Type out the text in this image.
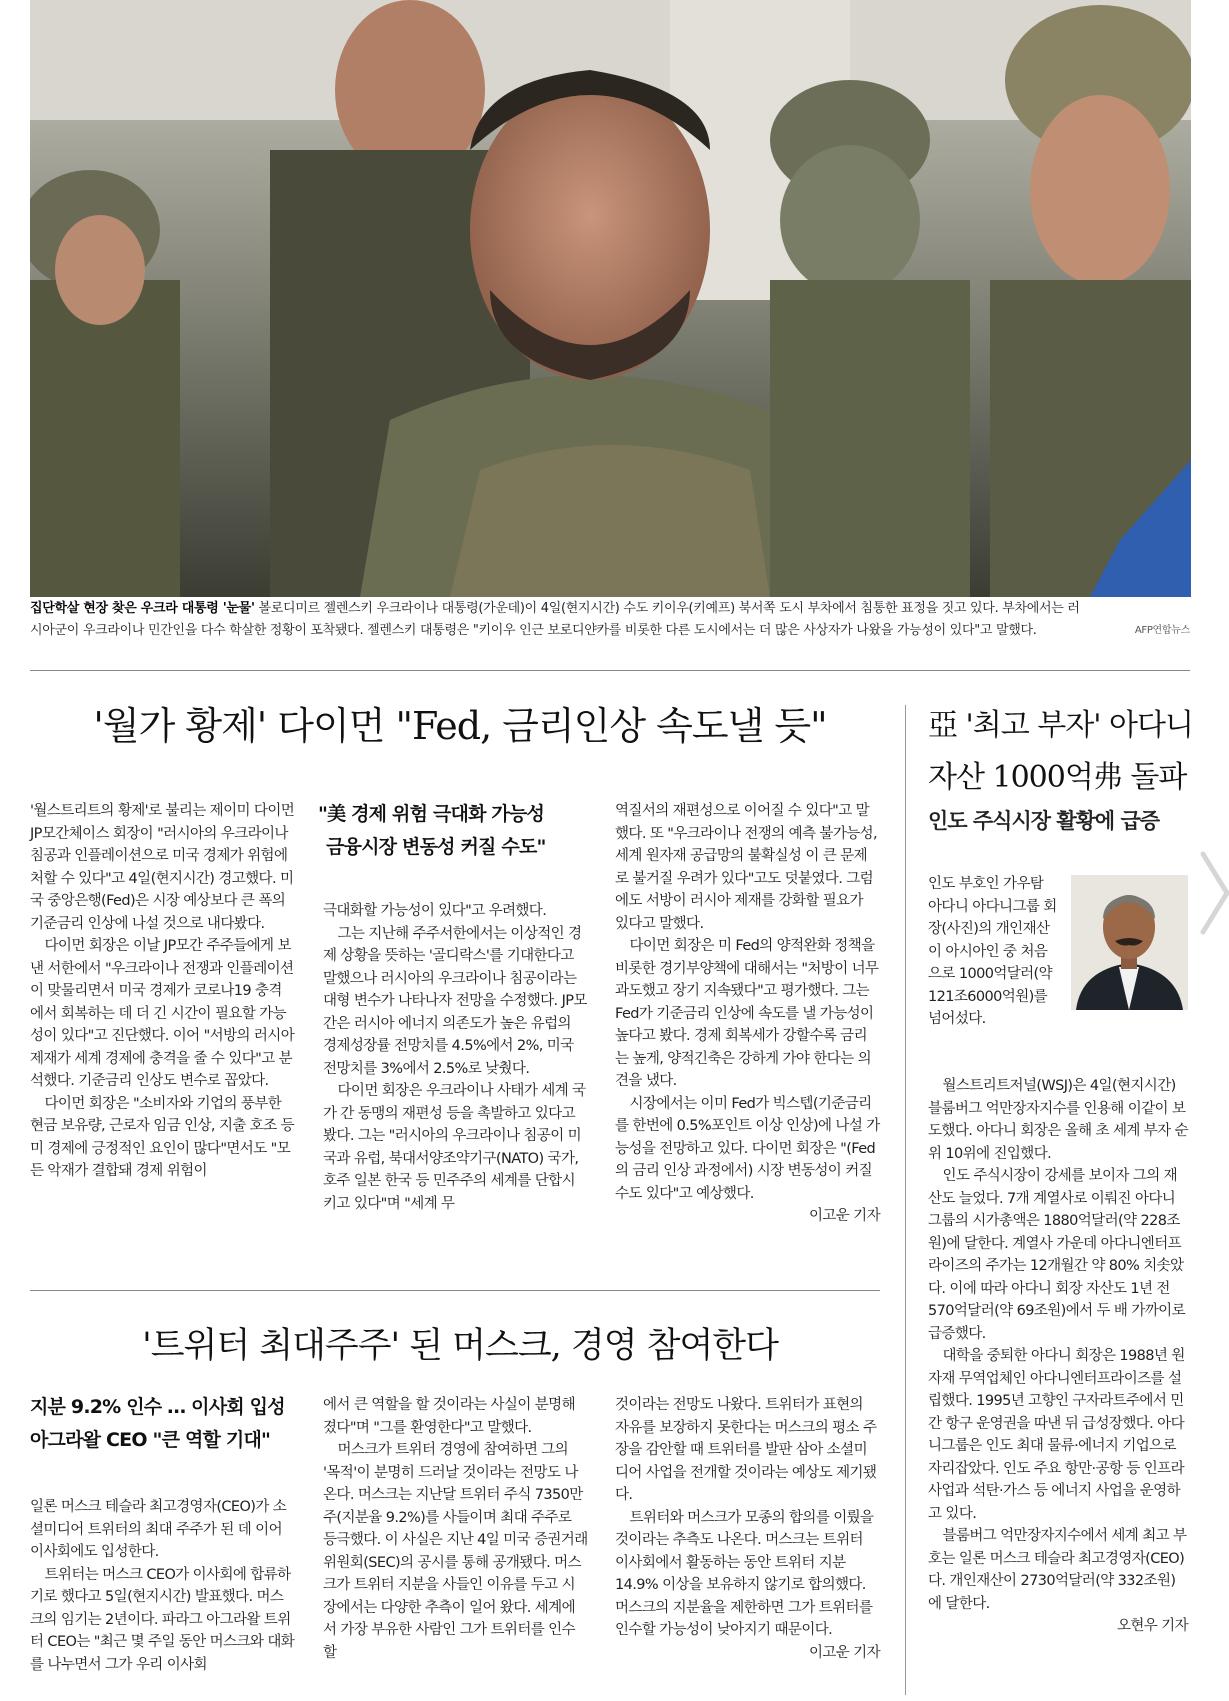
집단학살 현장 찾은 우크라 대통령 '눈물' 볼로디미르 젤렌스키 우크라이나 대통령(가운데)이 4일(현지시간) 수도 키이우(키예프) 북서쪽 도시 부차에서 침통한 표정을 짓고 있다. 부차에서는 러
시아군이 우크라이나 민간인을 다수 학살한 정황이 포착됐다. 젤렌스키 대통령은 "키이우 인근 보로디얀카를 비롯한 다른 도시에서는 더 많은 사상자가 나왔을 가능성이 있다"고 말했다.	AFP연합뉴스
'월가 황제' 다이먼 "Fed, 금리인상 속도낼 듯"

'월스트리트의 황제'로 불리는 제이미 다이먼 JP모간체이스 회장이 "러시아의 우크라이나 침공과 인플레이션으로 미국 경제가 위험에 처할 수 있다"고 4일(현지시간) 경고했다. 미국 중앙은행(Fed)은 시장 예상보다 큰 폭의 기준금리 인상에 나설 것으로 내다봤다.

다이먼 회장은 이날 JP모간 주주들에게 보낸 서한에서 "우크라이나 전쟁과 인플레이션이 맞물리면서 미국 경제가 코로나19 충격에서 회복하는 데 더 긴 시간이 필요할 가능성이 있다"고 진단했다. 이어 "서방의 러시아 제재가 세계 경제에 충격을 줄 수 있다"고 분석했다. 기준금리 인상도 변수로 꼽았다.

다이먼 회장은 "소비자와 기업의 풍부한 현금 보유량, 근로자 임금 인상, 지출 호조 등 미 경제에 긍정적인 요인이 많다"면서도 "모든 악재가 결합돼 경제 위험이

"美 경제 위험 극대화 가능성
금융시장 변동성 커질 수도"

극대화할 가능성이 있다"고 우려했다.

그는 지난해 주주서한에서는 이상적인 경제 상황을 뜻하는 '골디락스'를 기대한다고 말했으나 러시아의 우크라이나 침공이라는 대형 변수가 나타나자 전망을 수정했다. JP모간은 러시아 에너지 의존도가 높은 유럽의 경제성장률 전망치를 4.5%에서 2%, 미국 전망치를 3%에서 2.5%로 낮췄다.

다이먼 회장은 우크라이나 사태가 세계 국가 간 동맹의 재편성 등을 촉발하고 있다고 봤다. 그는 "러시아의 우크라이나 침공이 미국과 유럽, 북대서양조약기구(NATO) 국가, 호주 일본 한국 등 민주주의 세계를 단합시키고 있다"며 "세계 무

역질서의 재편성으로 이어질 수 있다"고 말했다. 또 "우크라이나 전쟁의 예측 불가능성, 세계 원자재 공급망의 불확실성 이 큰 문제로 불거질 우려가 있다"고도 덧붙였다. 그럼에도 서방이 러시아 제재를 강화할 필요가 있다고 말했다.

다이먼 회장은 미 Fed의 양적완화 정책을 비롯한 경기부양책에 대해서는 "처방이 너무 과도했고 장기 지속됐다"고 평가했다. 그는 Fed가 기준금리 인상에 속도를 낼 가능성이 높다고 봤다. 경제 회복세가 강할수록 금리는 높게, 양적긴축은 강하게 가야 한다는 의견을 냈다.

시장에서는 이미 Fed가 빅스텝(기준금리를 한번에 0.5%포인트 이상 인상)에 나설 가능성을 전망하고 있다. 다이먼 회장은 "(Fed의 금리 인상 과정에서) 시장 변동성이 커질 수도 있다"고 예상했다.

이고운 기자
'트위터 최대주주' 된 머스크, 경영 참여한다
지분 9.2% 인수 … 이사회 입성
아그라왈 CEO "큰 역할 기대"

일론 머스크 테슬라 최고경영자(CEO)가 소셜미디어 트위터의 최대 주주가 된 데 이어 이사회에도 입성한다.

트위터는 머스크 CEO가 이사회에 합류하기로 했다고 5일(현지시간) 발표했다. 머스크의 임기는 2년이다. 파라그 아그라왈 트위터 CEO는 "최근 몇 주일 동안 머스크와 대화를 나누면서 그가 우리 이사회

에서 큰 역할을 할 것이라는 사실이 분명해졌다"며 "그를 환영한다"고 말했다.

머스크가 트위터 경영에 참여하면 그의 '목적'이 분명히 드러날 것이라는 전망도 나온다. 머스크는 지난달 트위터 주식 7350만 주(지분율 9.2%)를 사들이며 최대 주주로 등극했다. 이 사실은 지난 4일 미국 증권거래위원회(SEC)의 공시를 통해 공개됐다. 머스크가 트위터 지분을 사들인 이유를 두고 시장에서는 다양한 추측이 일어 왔다. 세계에서 가장 부유한 사람인 그가 트위터를 인수할

것이라는 전망도 나왔다. 트위터가 표현의 자유를 보장하지 못한다는 머스크의 평소 주장을 감안할 때 트위터를 발판 삼아 소셜미디어 사업을 전개할 것이라는 예상도 제기됐다.

트위터와 머스크가 모종의 합의를 이뤘을 것이라는 추측도 나온다. 머스크는 트위터 이사회에서 활동하는 동안 트위터 지분 14.9% 이상을 보유하지 않기로 합의했다. 머스크의 지분율을 제한하면 그가 트위터를 인수할 가능성이 낮아지기 때문이다.

이고운 기자
亞 '최고 부자' 아다니
자산 1000억弗 돌파
인도 주식시장 활황에 급증

인도 부호인 가우탐 아다니 아다니그룹 회장(사진)의 개인재산이 아시아인 중 처음으로 1000억달러(약 121조6000억원)를 넘어섰다.

월스트리트저널(WSJ)은 4일(현지시간) 블룸버그 억만장자지수를 인용해 이같이 보도했다. 아다니 회장은 올해 초 세계 부자 순위 10위에 진입했다.

인도 주식시장이 강세를 보이자 그의 재산도 늘었다. 7개 계열사로 이뤄진 아다니그룹의 시가총액은 1880억달러(약 228조원)에 달한다. 계열사 가운데 아다니엔터프라이즈의 주가는 12개월간 약 80% 치솟았다. 이에 따라 아다니 회장 자산도 1년 전 570억달러(약 69조원)에서 두 배 가까이로 급증했다.

대학을 중퇴한 아다니 회장은 1988년 원자재 무역업체인 아다니엔터프라이즈를 설립했다. 1995년 고향인 구자라트주에서 민간 항구 운영권을 따낸 뒤 급성장했다. 아다니그룹은 인도 최대 물류·에너지 기업으로 자리잡았다. 인도 주요 항만·공항 등 인프라 사업과 석탄·가스 등 에너지 사업을 운영하고 있다.

블룸버그 억만장자지수에서 세계 최고 부호는 일론 머스크 테슬라 최고경영자(CEO)다. 개인재산이 2730억달러(약 332조원)에 달한다.

오현우 기자
